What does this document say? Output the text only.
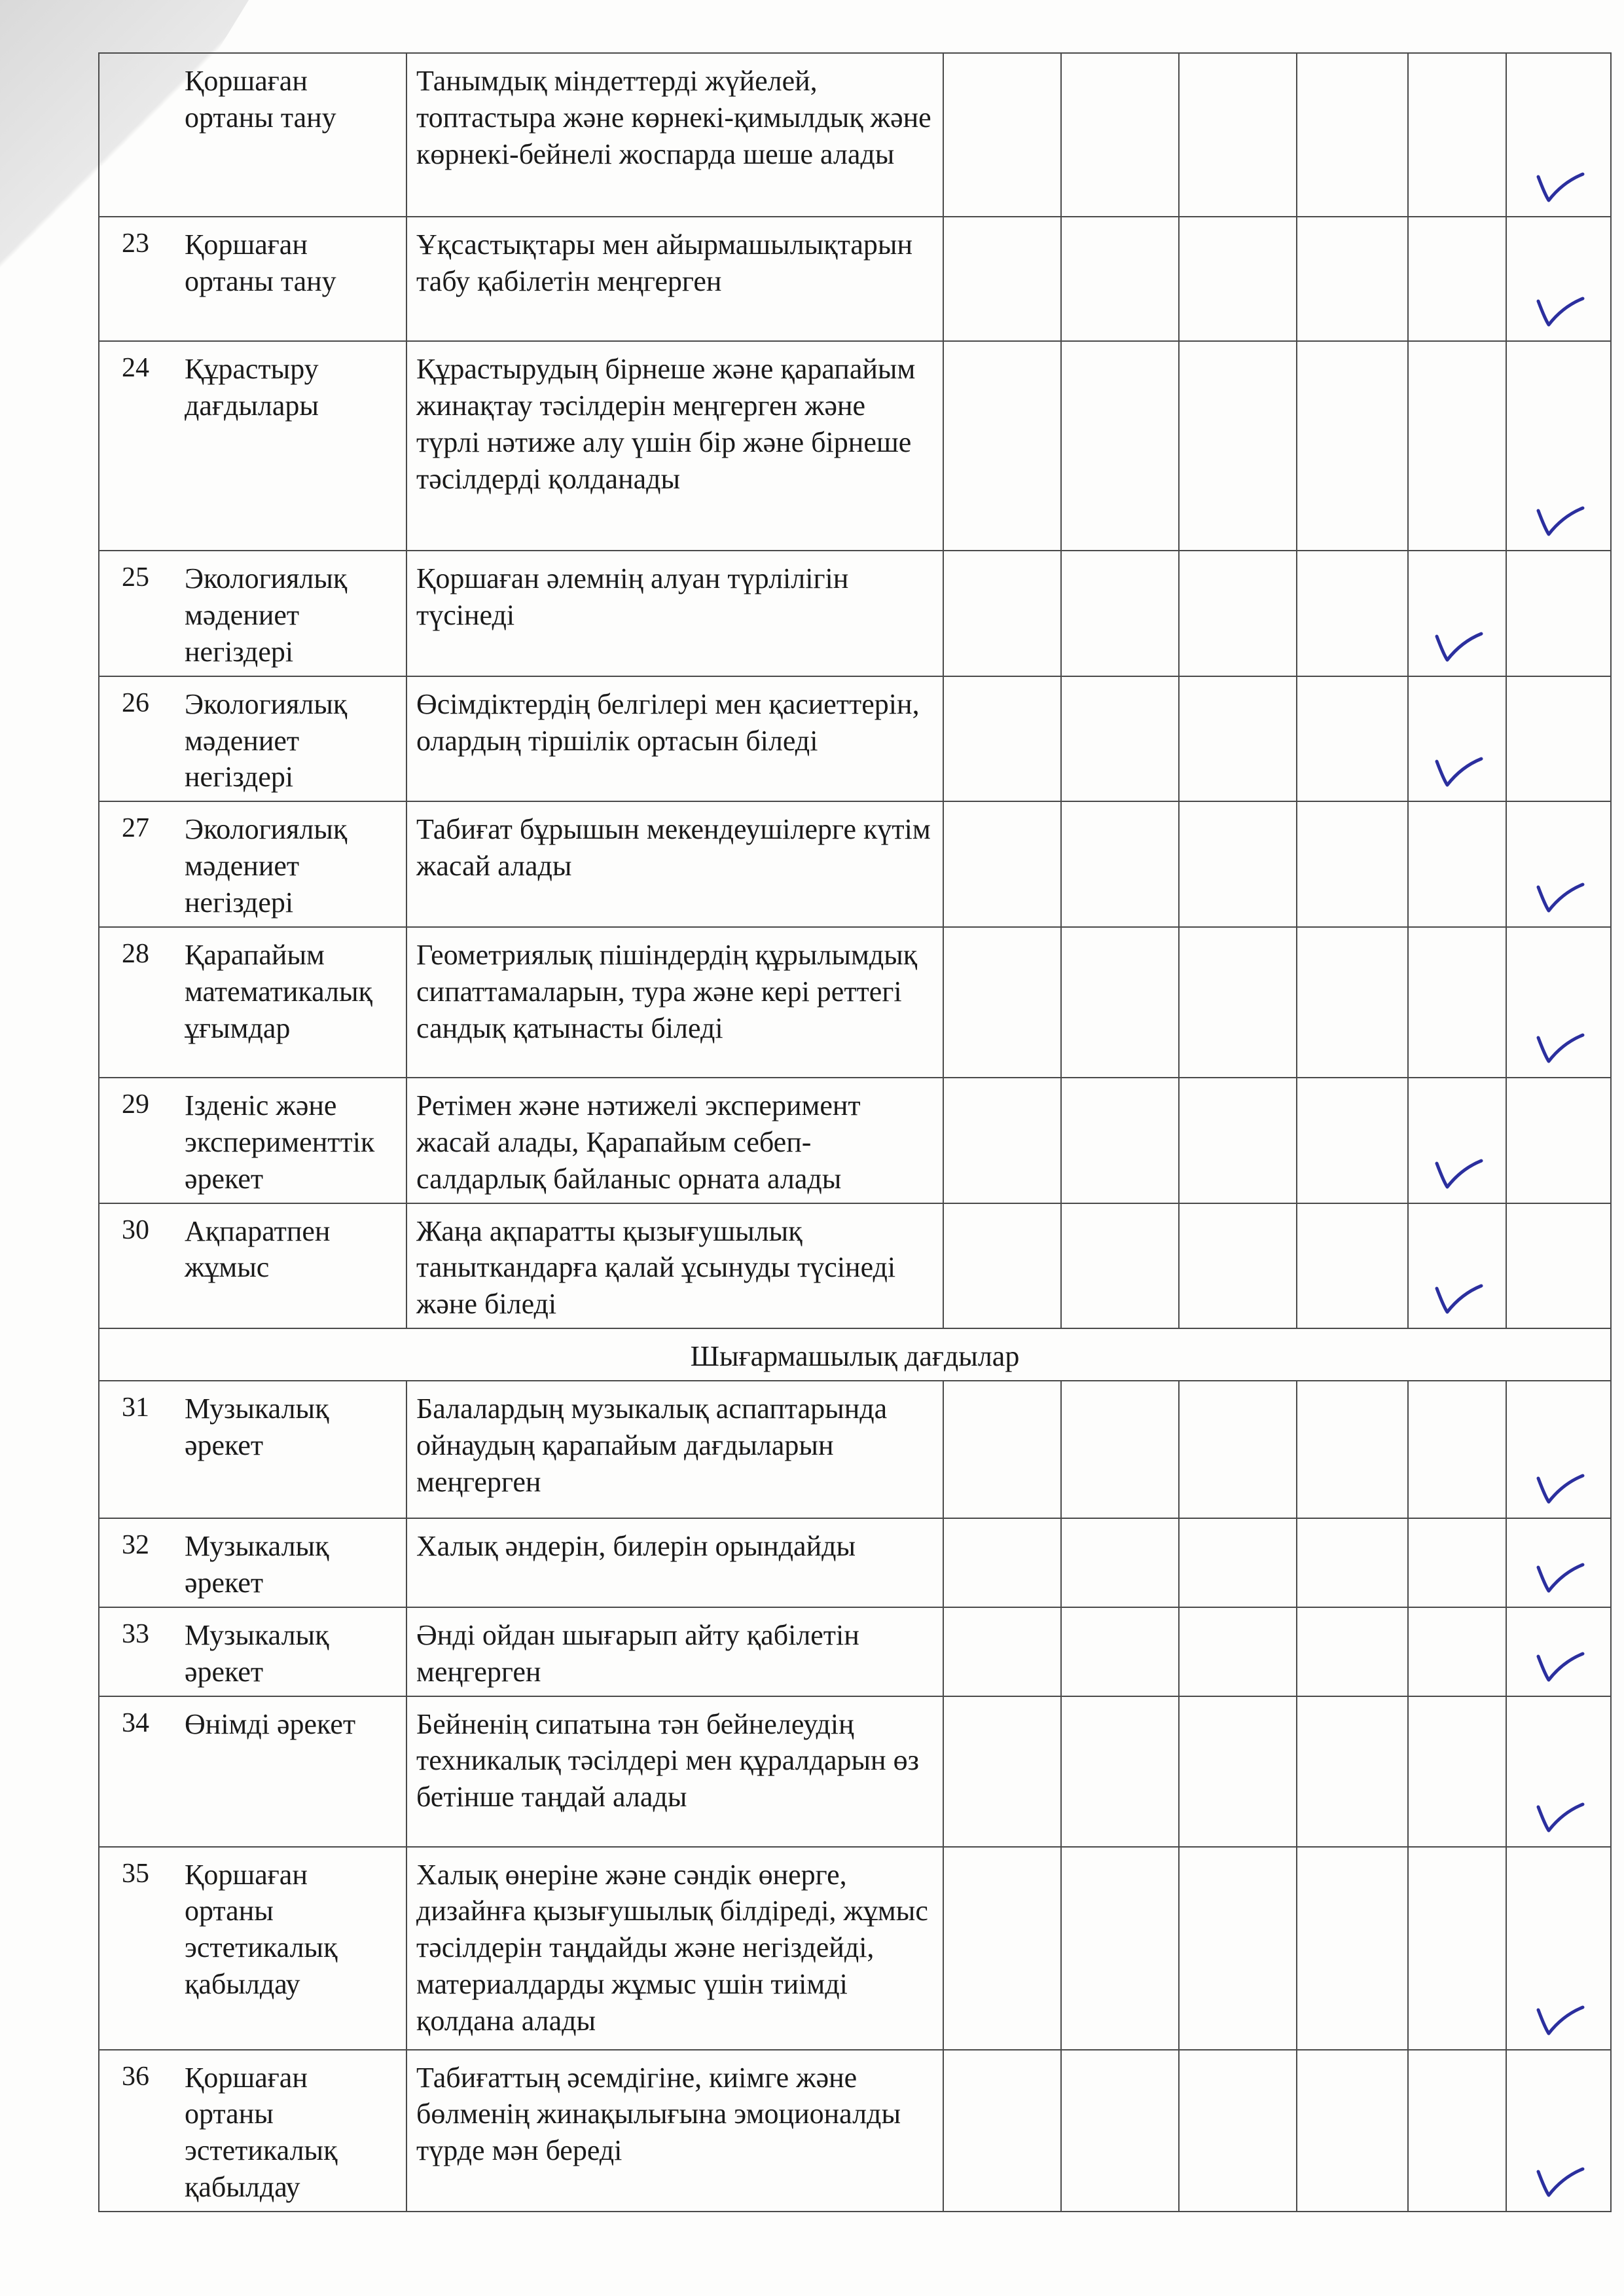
Қоршаған ортаны тану	Танымдық міндеттерді жүйелей, топтастыра және көрнекі-қимылдық және көрнекі-бейнелі жоспарда шеше алады						

23 Қоршаған ортаны тану	Ұқсастықтары мен айырмашылықтарын табу қабілетін меңгерген						

24 Құрастыру дағдылары	Құрастырудың бірнеше және қарапайым жинақтау тәсілдерін меңгерген және түрлі нәтиже алу үшін бір және бірнеше тәсілдерді қолданады						

25 Экологиялық мәдениет негіздері	Қоршаған әлемнің алуан түрлілігін түсінеді					

26 Экологиялық мәдениет негіздері	Өсімдіктердің белгілері мен қасиеттерін, олардың тіршілік ортасын біледі					

27 Экологиялық мәдениет негіздері	Табиғат бұрышын мекендеушілерге күтім жасай алады						

28 Қарапайым математикалық ұғымдар	Геометриялық пішіндердің құрылымдық сипаттамаларын, тура және кері реттегі сандық қатынасты біледі						

29 Ізденіс және эксперименттік әрекет	Ретімен және нәтижелі эксперимент жасай алады, Қарапайым себеп-салдарлық байланыс орната алады					

30 Ақпаратпен жұмыс	Жаңа ақпаратты қызығушылық таныткандарға қалай ұсынуды түсінеді және біледі					

Шығармашылық дағдылар							

31 Музыкалық әрекет	Балалардың музыкалық аспаптарында ойнаудың қарапайым дағдыларын меңгерген						

32 Музыкалық әрекет	Халық әндерін, билерін орындайды						

33 Музыкалық әрекет	Әнді ойдан шығарып айту қабілетін меңгерген						

34 Өнімді әрекет	Бейненің сипатына тән бейнелеудің техникалық тәсілдері мен құралдарын өз бетінше таңдай алады						

35 Қоршаған ортаны эстетикалық қабылдау	Халық өнеріне және сәндік өнерге, дизайнға қызығушылық білдіреді, жұмыс тәсілдерін таңдайды және негіздейді, материалдарды жұмыс үшін тиімді қолдана алады						

36 Қоршаған ортаны эстетикалық қабылдау	Табиғаттың әсемдігіне, киімге және бөлменің жинақылығына эмоционалды түрде мән береді						
